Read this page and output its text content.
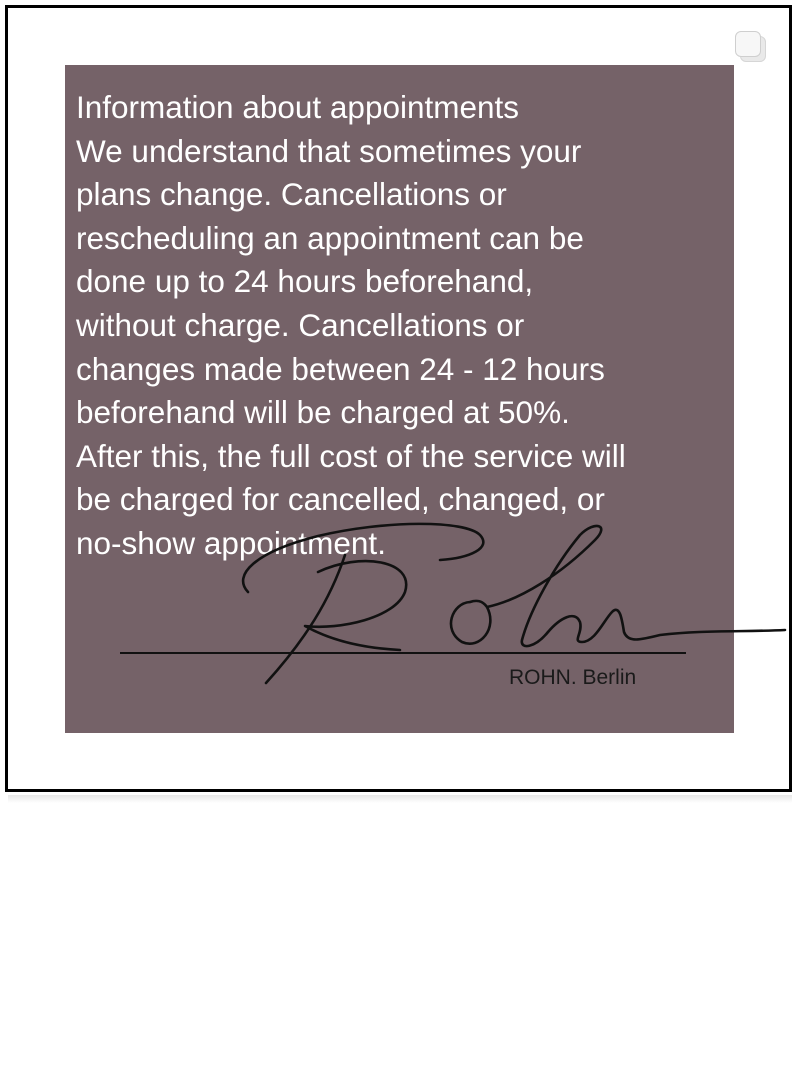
Information about appointments
We understand that sometimes your
plans change. Cancellations or
rescheduling an appointment can be
done up to 24 hours beforehand,
without charge. Cancellations or
changes made between 24 - 12 hours
beforehand will be charged at 50%.
After this, the full cost of the service will
be charged for cancelled, changed, or
no-show appointment.

ROHN. Berlin
